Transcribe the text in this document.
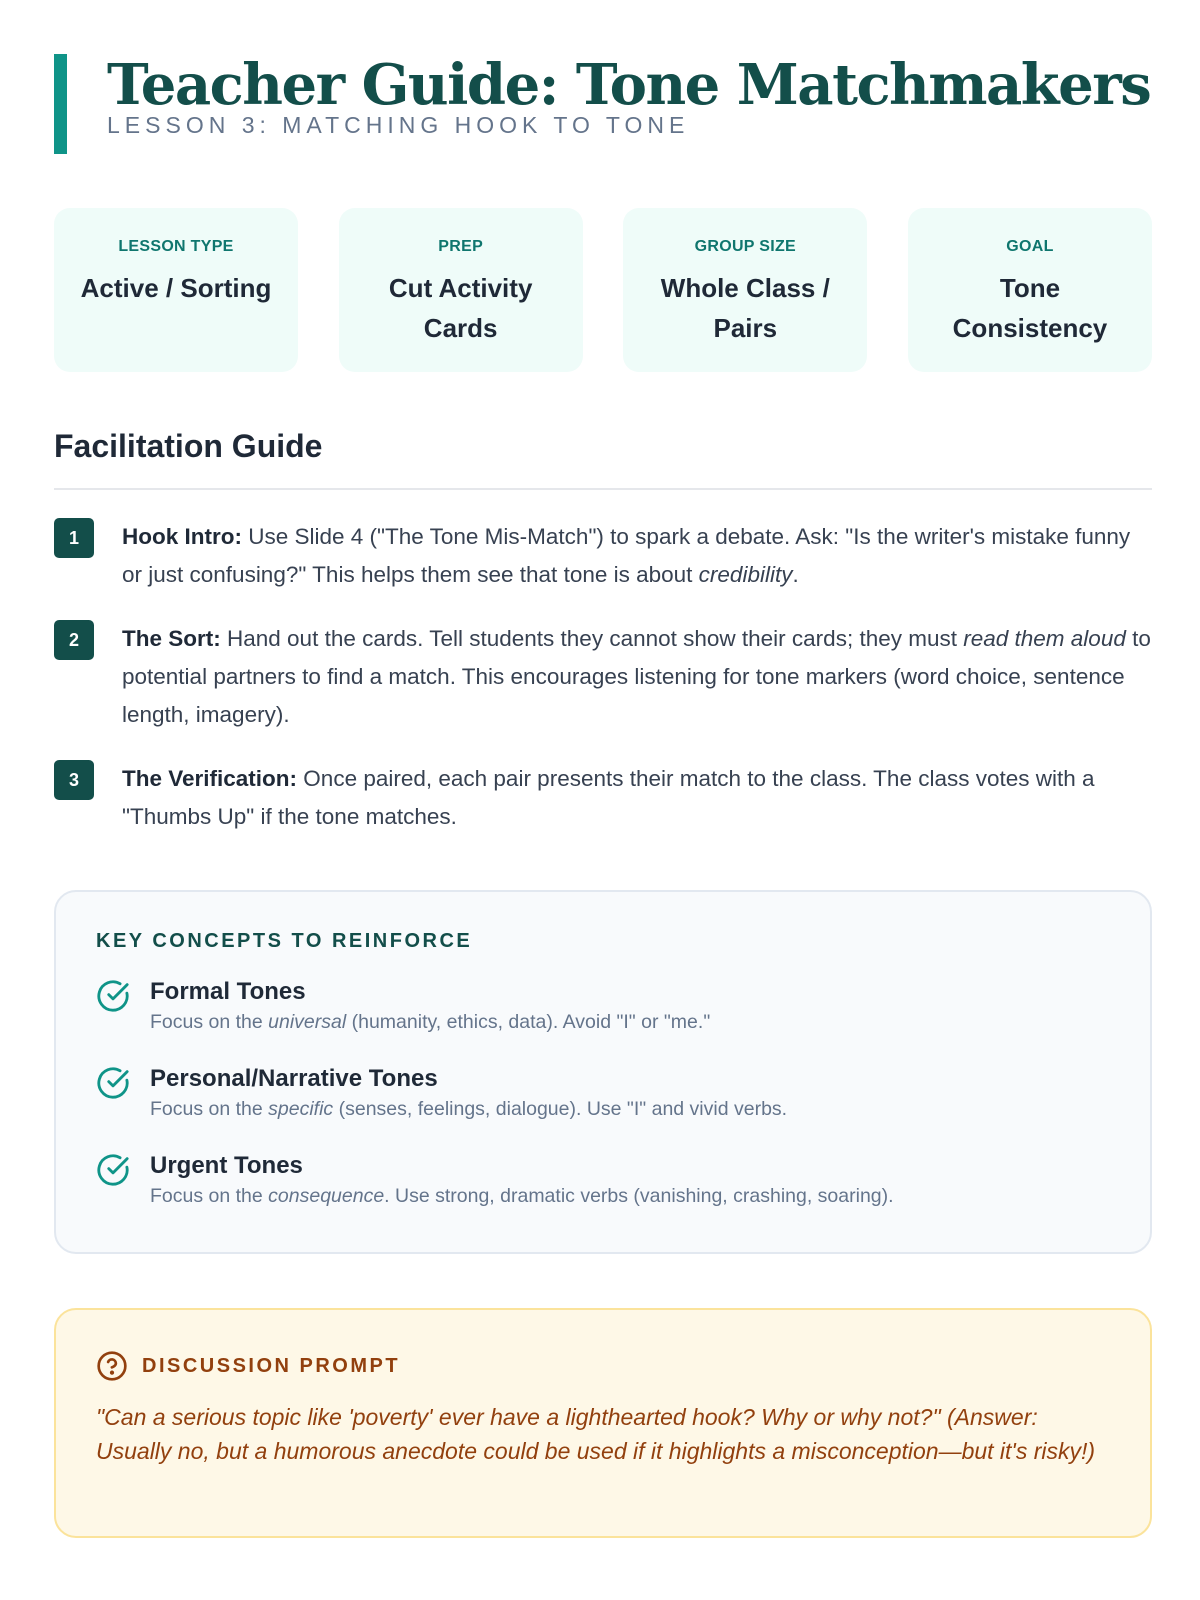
Teacher Guide: Tone Matchmakers
LESSON 3: MATCHING HOOK TO TONE
LESSON TYPE
Active / Sorting
PREP
Cut Activity Cards
GROUP SIZE
Whole Class / Pairs
GOAL
Tone Consistency
Facilitation Guide
1	Hook Intro: Use Slide 4 ("The Tone Mis-Match") to spark a debate. Ask: "Is the writer's mistake funny or just confusing?" This helps them see that tone is about credibility.
2	The Sort: Hand out the cards. Tell students they cannot show their cards; they must read them aloud to potential partners to find a match. This encourages listening for tone markers (word choice, sentence length, imagery).
3	The Verification: Once paired, each pair presents their match to the class. The class votes with a "Thumbs Up" if the tone matches.
KEY CONCEPTS TO REINFORCE
Formal Tones
Focus on the universal (humanity, ethics, data). Avoid "I" or "me."
Personal/Narrative Tones
Focus on the specific (senses, feelings, dialogue). Use "I" and vivid verbs.
Urgent Tones
Focus on the consequence. Use strong, dramatic verbs (vanishing, crashing, soaring).
DISCUSSION PROMPT
"Can a serious topic like 'poverty' ever have a lighthearted hook? Why or why not?" (Answer: Usually no, but a humorous anecdote could be used if it highlights a misconception—but it's risky!)
